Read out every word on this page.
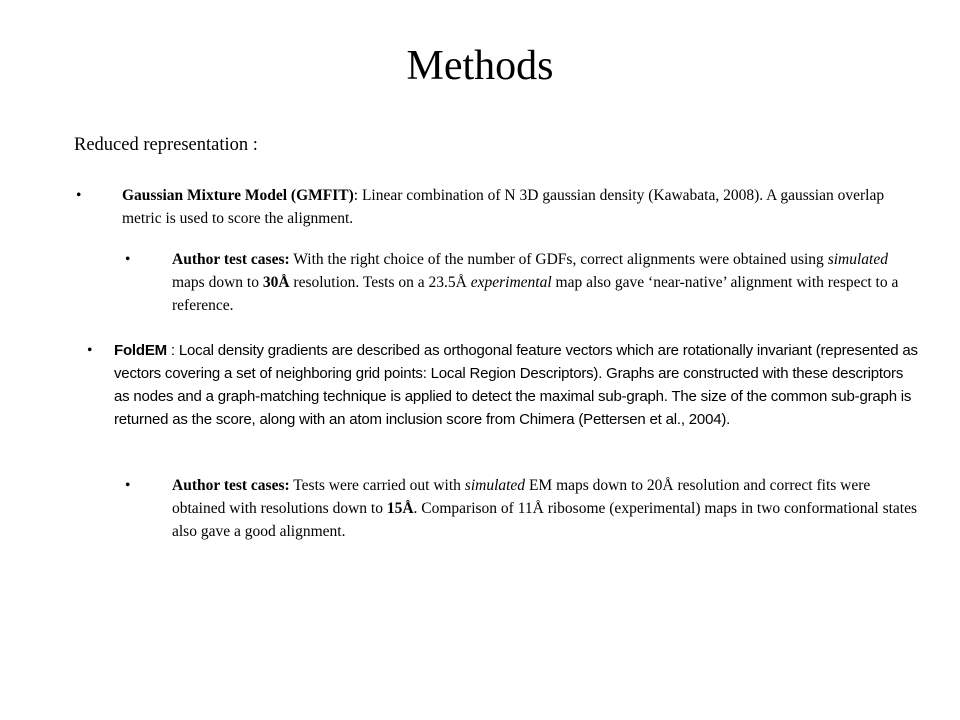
Methods
Reduced representation :
•	Gaussian Mixture Model (GMFIT): Linear combination of N 3D gaussian density (Kawabata, 2008). A gaussian overlap metric is used to score the alignment.
•	Author test cases: With the right choice of the number of GDFs, correct alignments were obtained using simulated maps down to 30Å resolution. Tests on a 23.5Å experimental map also gave ‘near-native’ alignment with respect to a reference.
• FoldEM : Local density gradients are described as orthogonal feature vectors which are rotationally invariant (represented as vectors covering a set of neighboring grid points: Local Region Descriptors). Graphs are constructed with these descriptors as nodes and a graph-matching technique is applied to detect the maximal sub-graph. The size of the common sub-graph is returned as the score, along with an atom inclusion score from Chimera (Pettersen et al., 2004).
•	Author test cases: Tests were carried out with simulated EM maps down to 20Å resolution and correct fits were obtained with resolutions down to 15Å. Comparison of 11Å ribosome (experimental) maps in two conformational states also gave a good alignment.
